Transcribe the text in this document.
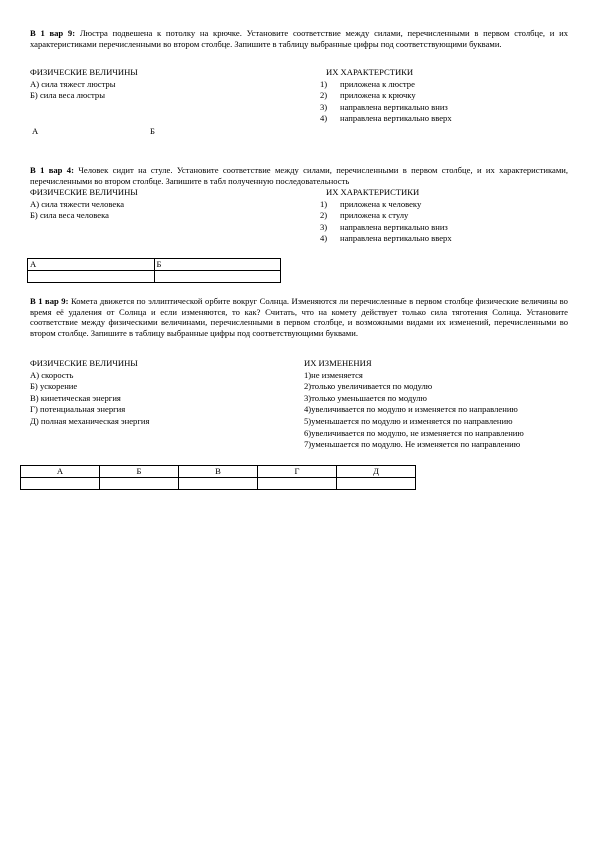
В 1 вар 9: Люстра подвешена к потолку на крючке. Установите соответствие между силами, перечисленными в первом столбце, и их характеристиками перечисленными во втором столбце. Запишите в таблицу выбранные цифры под соответствующими буквами.

ФИЗИЧЕСКИЕ ВЕЛИЧИНЫ
А) сила тяжест люстры
Б) сила веса люстры
ИХ ХАРАКТЕРСТИКИ
1) приложена к люстре
2) приложена к крючку
3) направлена вертикально вниз
4) направлена вертикально вверх
А	Б

В 1 вар 4: Человек сидит на стуле. Установите соответствие между силами, перечисленными в первом столбце, и их характеристиками, перечисленными во втором столбце. Запишите в табл полученную последовательность

ФИЗИЧЕСКИЕ ВЕЛИЧИНЫ
А) сила тяжести человека
Б) сила веса человека
ИХ ХАРАКТЕРИСТИКИ
1) приложена к человеку
2) приложена к стулу
3) направлена вертикально вниз
4) направлена вертикально вверх
А	Б

В 1 вар 9: Комета движется по эллиптической орбите вокруг Солнца. Изменяются ли перечисленные в первом столбце физические величины во время её удаления от Солнца и если изменяются, то как? Считать, что на комету действует только сила тяготения Солнца. Установите соответствие между физическими величинами, перечисленными в первом столбце, и возможными видами их изменений, перечисленными во втором столбце. Запишите в таблицу выбранные цифры под соответствующими буквами.

ФИЗИЧЕСКИЕ ВЕЛИЧИНЫ
А) скорость
Б) ускорение
В) кинетическая энергия
Г) потенциальная энергия
Д) полная механическая энергия
ИХ ИЗМЕНЕНИЯ
1)не изменяется
2)только увеличивается по модулю
3)только уменьшается по модулю
4)увеличивается по модулю и изменяется по направлению
5)уменьшается по модулю и изменяется по направлению
6)увеличивается по модулю, не изменяется по направлению
7)уменьшается по модулю. Не изменяется по направлению
А	Б	В	Г	Д
